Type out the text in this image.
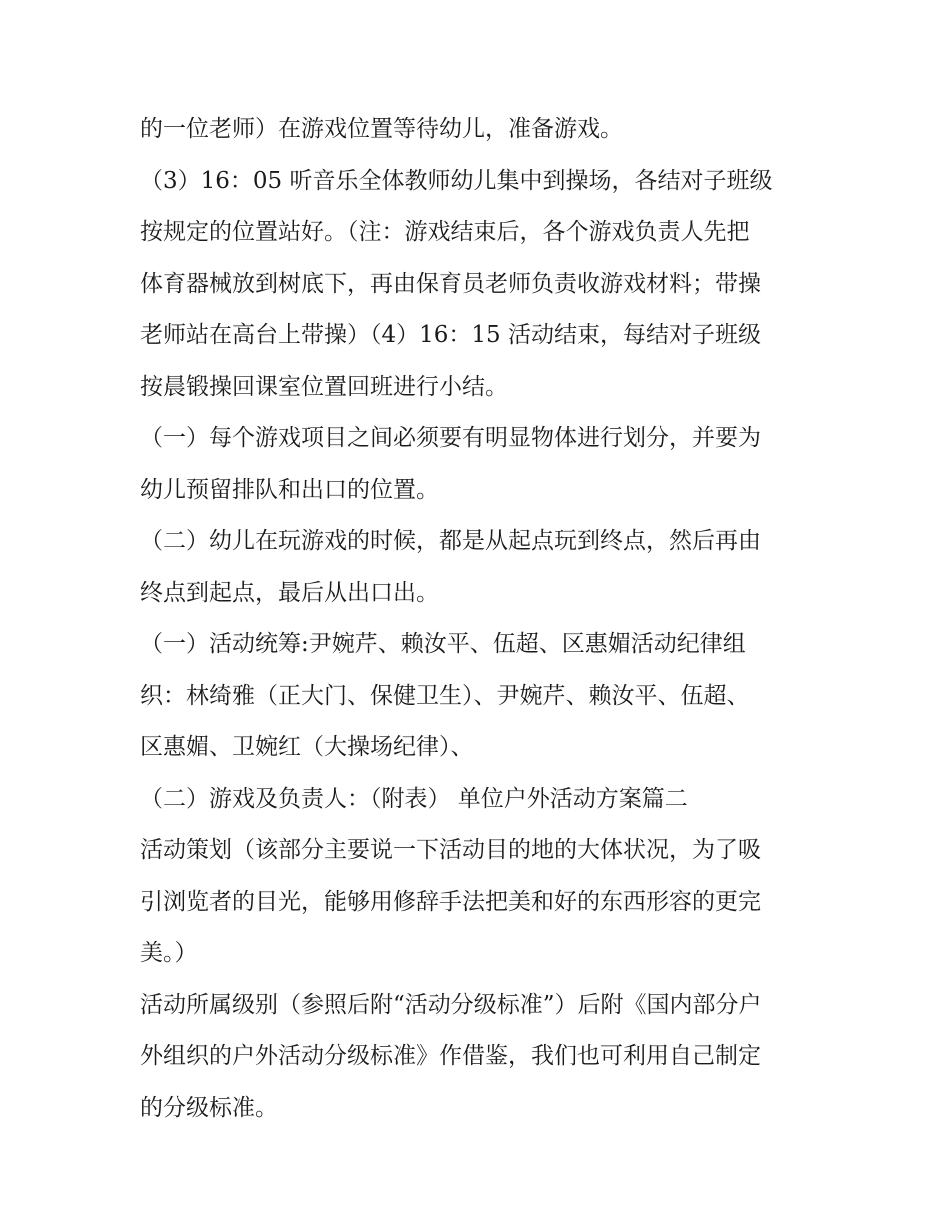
的一位老师）在游戏位置等待幼儿，准备游戏。
（3）16：05 听音乐全体教师幼儿集中到操场，各结对子班级
按规定的位置站好。（注：游戏结束后，各个游戏负责人先把
体育器械放到树底下，再由保育员老师负责收游戏材料；带操
老师站在高台上带操）（4）16：15 活动结束，每结对子班级
按晨锻操回课室位置回班进行小结。
（一）每个游戏项目之间必须要有明显物体进行划分，并要为
幼儿预留排队和出口的位置。
（二）幼儿在玩游戏的时候，都是从起点玩到终点，然后再由
终点到起点，最后从出口出。
（一）活动统筹:尹婉芹、赖汝平、伍超、区惠媚活动纪律组
织：林绮雅（正大门、保健卫生）、尹婉芹、赖汝平、伍超、
区惠媚、卫婉红（大操场纪律）、
（二）游戏及负责人：（附表） 单位户外活动方案篇二
活动策划（该部分主要说一下活动目的地的大体状况，为了吸
引浏览者的目光，能够用修辞手法把美和好的东西形容的更完
美。）
活动所属级别（参照后附“活动分级标准”）后附《国内部分户
外组织的户外活动分级标准》作借鉴，我们也可利用自己制定
的分级标准。
